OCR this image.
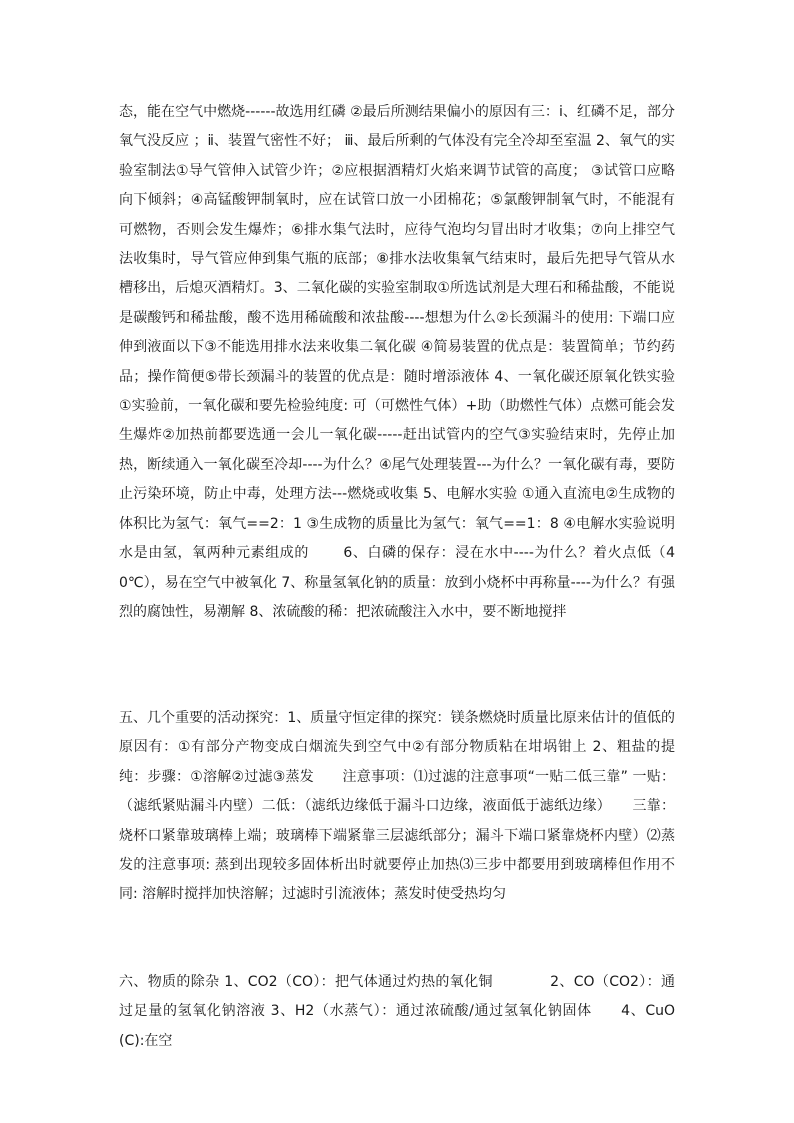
态，能在空气中燃烧------故选用红磷 ②最后所测结果偏小的原因有三：ⅰ、红磷不足，部分氧气没反应 ；ⅱ、装置气密性不好； ⅲ、最后所剩的气体没有完全冷却至室温 2、氧气的实验室制法①导气管伸入试管少许；②应根据酒精灯火焰来调节试管的高度； ③试管口应略向下倾斜；④高锰酸钾制氧时，应在试管口放一小团棉花；⑤氯酸钾制氧气时，不能混有可燃物，否则会发生爆炸；⑥排水集气法时，应待气泡均匀冒出时才收集；⑦向上排空气法收集时，导气管应伸到集气瓶的底部；⑧排水法收集氧气结束时，最后先把导气管从水槽移出，后熄灭酒精灯。3、二氧化碳的实验室制取①所选试剂是大理石和稀盐酸，不能说是碳酸钙和稀盐酸，酸不选用稀硫酸和浓盐酸----想想为什么②长颈漏斗的使用: 下端口应伸到液面以下③不能选用排水法来收集二氧化碳 ④简易装置的优点是：装置简单；节约药品；操作简便⑤带长颈漏斗的装置的优点是：随时增添液体 4、一氧化碳还原氧化铁实验①实验前，一氧化碳和要先检验纯度: 可（可燃性气体）+助（助燃性气体）点燃可能会发生爆炸②加热前都要选通一会儿一氧化碳-----赶出试管内的空气③实验结束时，先停止加热，断续通入一氧化碳至冷却----为什么？④尾气处理装置---为什么？一氧化碳有毒，要防止污染环境，防止中毒，处理方法---燃烧或收集 5、电解水实验 ①通入直流电②生成物的体积比为氢气：氧气==2：1 ③生成物的质量比为氢气：氧气==1：8 ④电解水实验说明水是由氢，氧两种元素组成的　　 6、白磷的保存：浸在水中----为什么？着火点低（40℃），易在空气中被氧化 7、称量氢氧化钠的质量：放到小烧杯中再称量----为什么？有强烈的腐蚀性，易潮解 8、浓硫酸的稀：把浓硫酸注入水中，要不断地搅拌

五、几个重要的活动探究：1、质量守恒定律的探究：镁条燃烧时质量比原来估计的值低的原因有：①有部分产物变成白烟流失到空气中②有部分物质粘在坩埚钳上 2、粗盐的提纯：步骤：①溶解②过滤③蒸发　　注意事项：⑴过滤的注意事项“一贴二低三靠” 一贴：（滤纸紧贴漏斗内壁）二低：（滤纸边缘低于漏斗口边缘，液面低于滤纸边缘）　　三靠：烧杯口紧靠玻璃棒上端；玻璃棒下端紧靠三层滤纸部分；漏斗下端口紧靠烧杯内壁）⑵蒸发的注意事项: 蒸到出现较多固体析出时就要停止加热⑶三步中都要用到玻璃棒但作用不同: 溶解时搅拌加快溶解；过滤时引流液体；蒸发时使受热均匀

六、物质的除杂 1、CO2（CO）：把气体通过灼热的氧化铜　　　　2、CO（CO2）：通过足量的氢氧化钠溶液 3、H2（水蒸气）：通过浓硫酸/通过氢氧化钠固体　　4、CuO(C):在空
